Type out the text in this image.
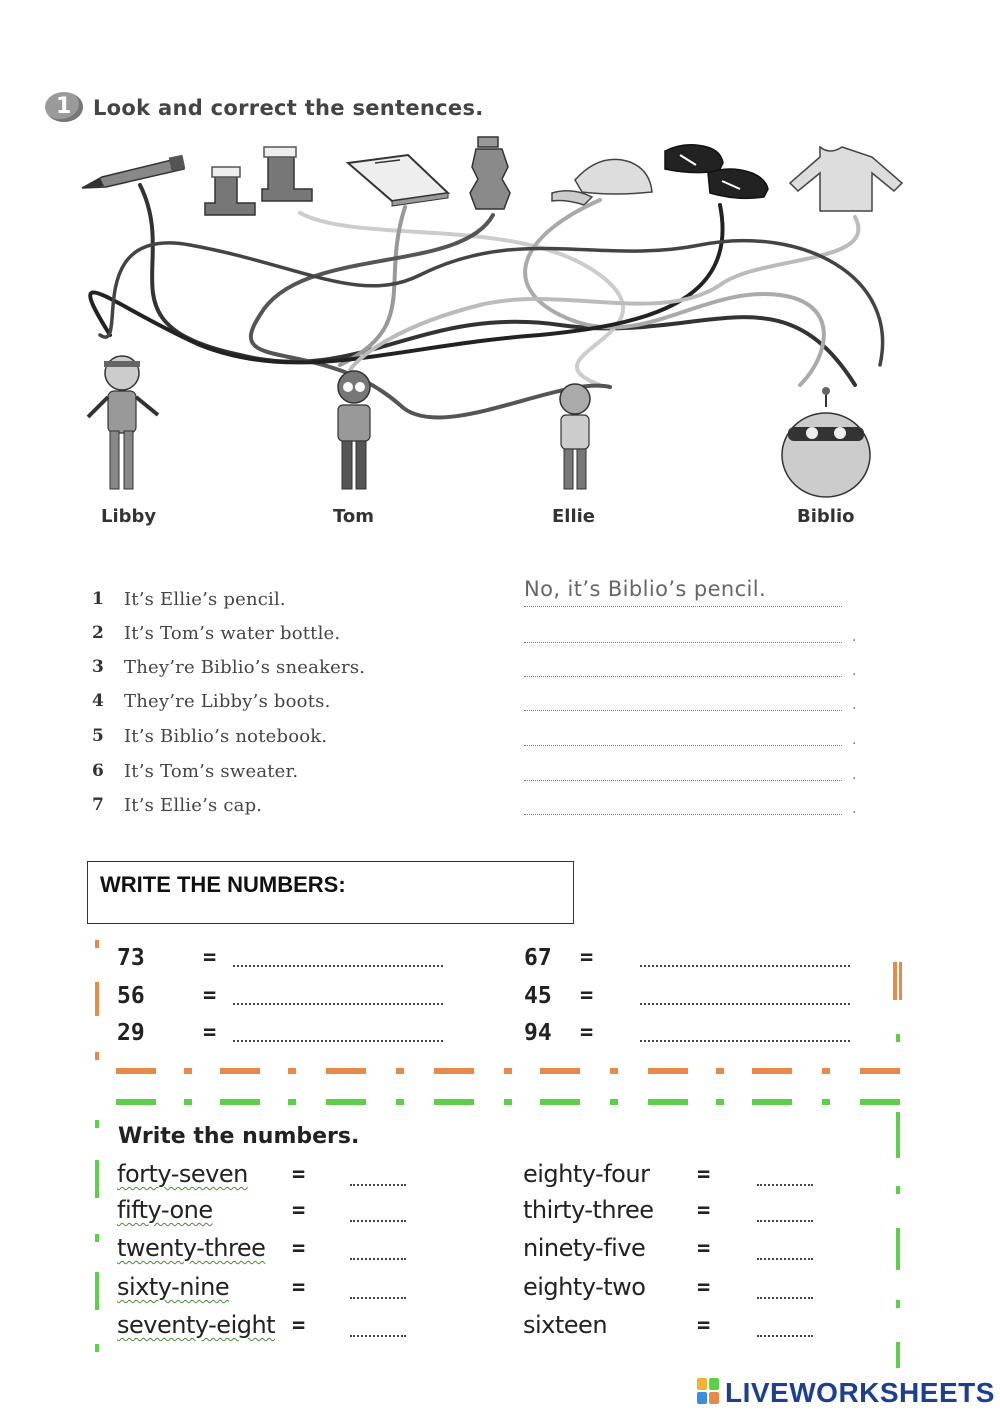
1 Look and correct the sentences.
Libby	Tom	Ellie	Biblio
1 It’s Ellie’s pencil.	No, it’s Biblio’s pencil.
2 It’s Tom’s water bottle.	.
3 They’re Biblio’s sneakers.	.
4 They’re Libby’s boots.	.
5 It’s Biblio’s notebook.	.
6 It’s Tom’s sweater.	.
7 It’s Ellie’s cap.	.
WRITE THE NUMBERS:
73	=	67 =
56	=	45 =
29	=	94 =
Write the numbers.
forty-seven =	eighty-four =
fifty-one	=	thirty-three =
twenty-three =	ninety-five =
sixty-nine	=	eighty-two =
seventy-eight =	sixteen	=
LIVEWORKSHEETS
